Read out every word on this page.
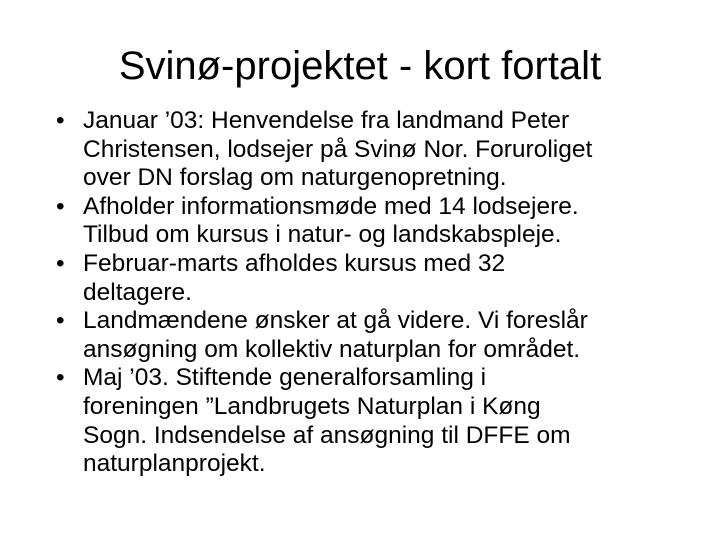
Svinø-projektet - kort fortalt
• Januar ’03: Henvendelse fra landmand Peter
Christensen, lodsejer på Svinø Nor. Foruroliget
over DN forslag om naturgenopretning.
• Afholder informationsmøde med 14 lodsejere.
Tilbud om kursus i natur- og landskabspleje.
• Februar-marts afholdes kursus med 32
deltagere.
• Landmændene ønsker at gå videre. Vi foreslår
ansøgning om kollektiv naturplan for området.
• Maj ’03. Stiftende generalforsamling i
foreningen ”Landbrugets Naturplan i Køng
Sogn. Indsendelse af ansøgning til DFFE om
naturplanprojekt.
